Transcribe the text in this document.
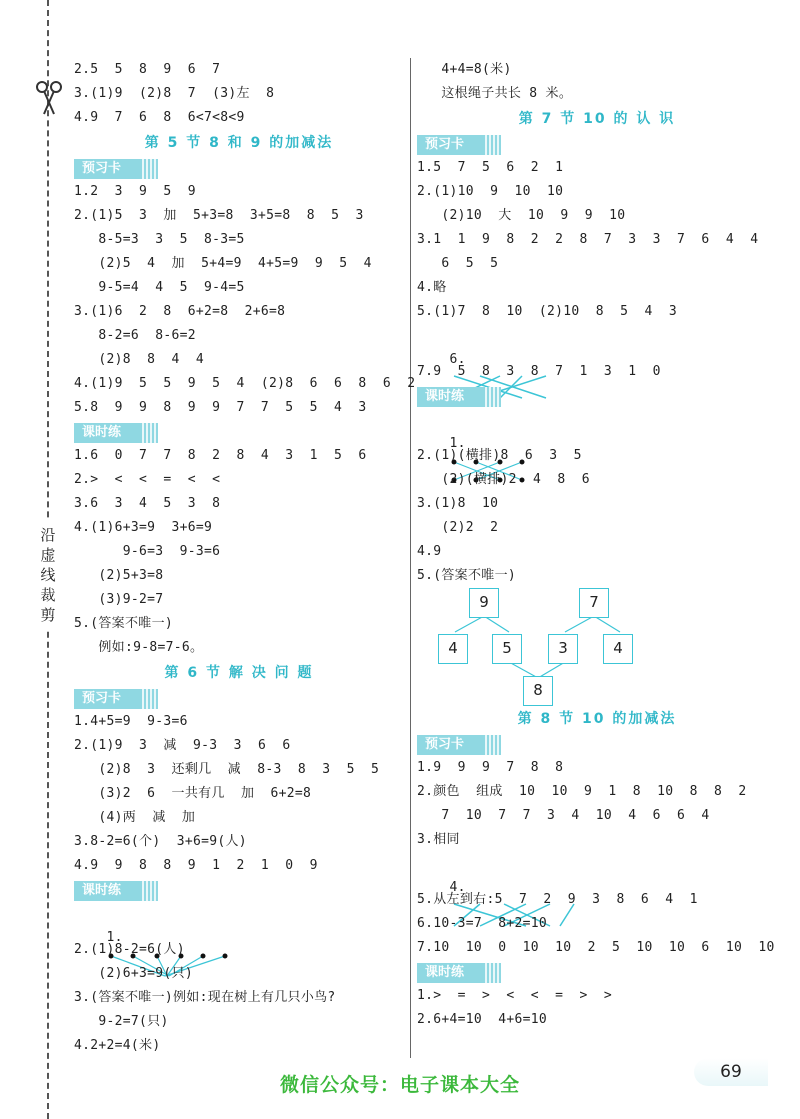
沿
虚
线
裁
剪
2.5  5  8  9  6  7
3.(1)9  (2)8  7  (3)左  8
4.9  7  6  8  6<7<8<9
第 5 节 8 和 9 的加减法
预习卡
1.2  3  9  5  9
2.(1)5  3  加  5+3=8  3+5=8  8  5  3
8-5=3  3  5  8-3=5
(2)5  4  加  5+4=9  4+5=9  9  5  4
9-5=4  4  5  9-4=5
3.(1)6  2  8  6+2=8  2+6=8
8-2=6  8-6=2
(2)8  8  4  4
4.(1)9  5  5  9  5  4  (2)8  6  6  8  6  2
5.8  9  9  8  9  9  7  7  5  5  4  3
课时练
1.6  0  7  7  8  2  8  4  3  1  5  6
2.>  <  <  =  <  <
3.6  3  4  5  3  8
4.(1)6+3=9  3+6=9
9-6=3  9-3=6
(2)5+3=8
(3)9-2=7
5.(答案不唯一)
例如:9-8=7-6。
第 6 节 解 决 问 题
预习卡
1.4+5=9  9-3=6
2.(1)9  3  减  9-3  3  6  6
(2)8  3  还剩几  减  8-3  8  3  5  5
(3)2  6  一共有几  加  6+2=8
(4)两  减  加
3.8-2=6(个)  3+6=9(人)
4.9  9  8  8  9  1  2  1  0  9
课时练

1.

2.(1)8-2=6(人)
(2)6+3=9(只)
3.(答案不唯一)例如:现在树上有几只小鸟?
9-2=7(只)
4.2+2=4(米)
4+4=8(米)
这根绳子共长 8 米。
第 7 节 10 的 认 识
预习卡
1.5  7  5  6  2  1
2.(1)10  9  10  10
(2)10  大  10  9  9  10
3.1  1  9  8  2  2  8  7  3  3  7  6  4  4
6  5  5
4.略
5.(1)7  8  10  (2)10  8  5  4  3

6.

7.9  5  8  3  8  7  1  3  1  0
课时练

1.

2.(1)(横排)8  6  3  5
(2)(横排)2  4  8  6
3.(1)8  10
(2)2  2
4.9
5.(答案不唯一)
9	7
4	5	3	4
8
第 8 节 10 的加减法
预习卡
1.9  9  9  7  8  8
2.颜色  组成  10  10  9  1  8  10  8  8  2
7  10  7  7  3  4  10  4  6  6  4
3.相同

4.

5.从左到右:5  7  2  9  3  8  6  4  1
6.10-3=7  8+2=10
7.10  10  0  10  10  2  5  10  10  6  10  10
课时练
1.>  =  >  <  <  =  >  >
2.6+4=10  4+6=10
69
微信公众号：电子课本大全
